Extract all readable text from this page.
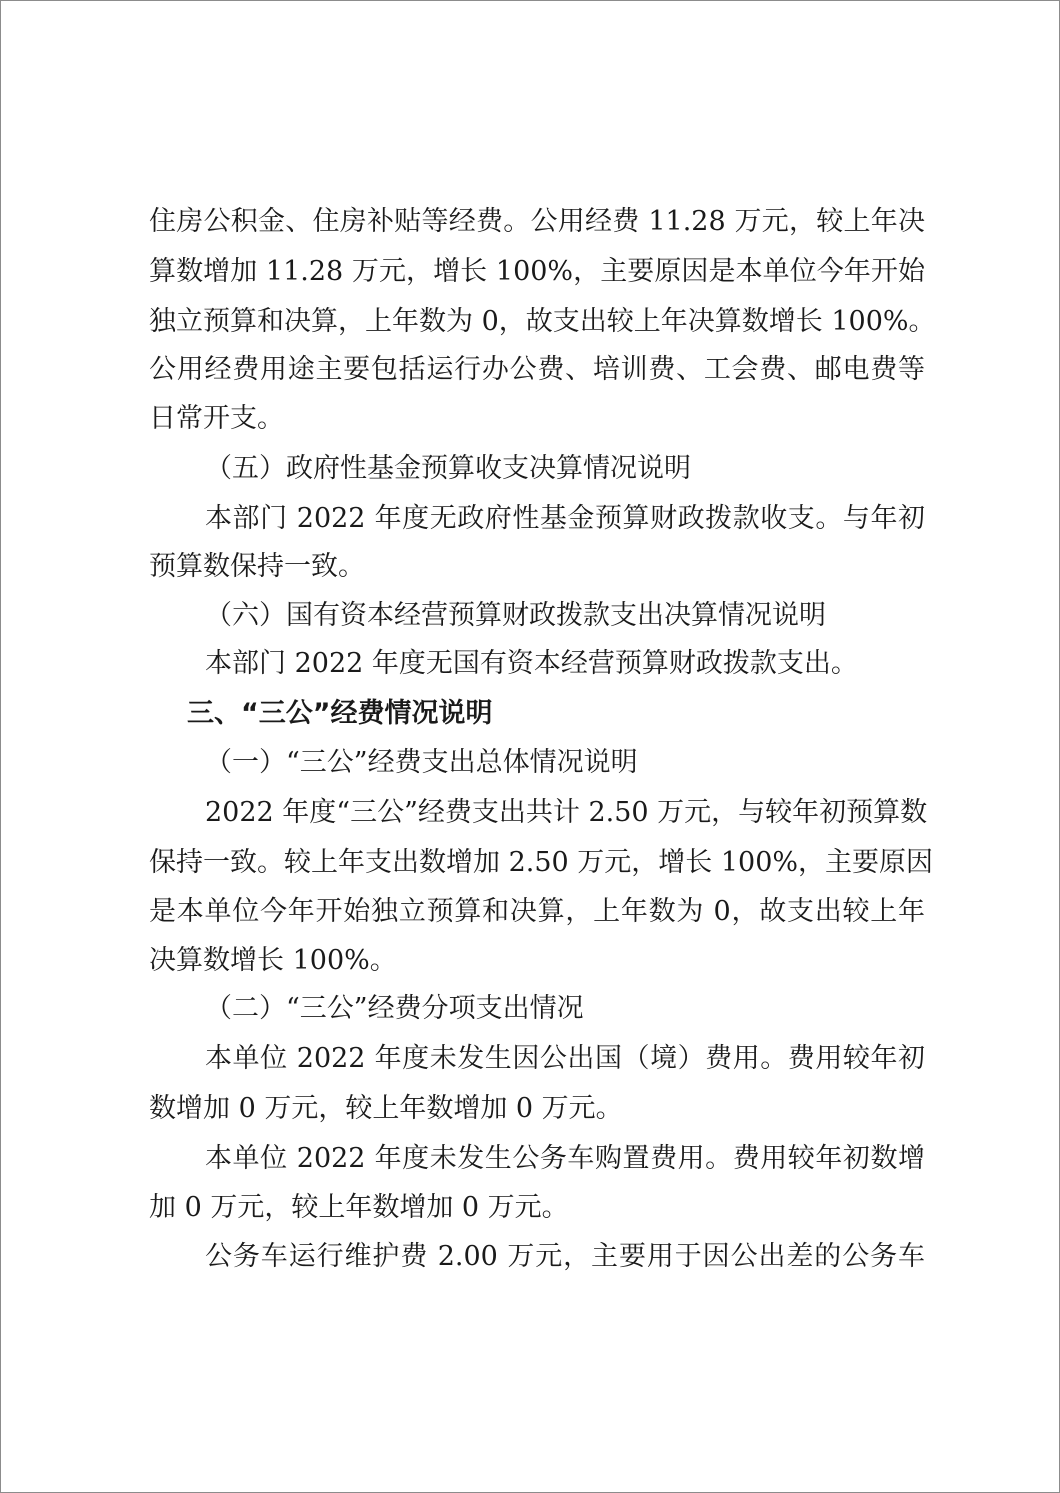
住房公积金、住房补贴等经费。公用经费 11.28 万元，较上年决

算数增加 11.28 万元，增长 100%，主要原因是本单位今年开始

独立预算和决算，上年数为 0，故支出较上年决算数增长 100%。

公用经费用途主要包括运行办公费、培训费、工会费、邮电费等

日常开支。

（五）政府性基金预算收支决算情况说明

本部门 2022 年度无政府性基金预算财政拨款收支。与年初

预算数保持一致。

（六）国有资本经营预算财政拨款支出决算情况说明

本部门 2022 年度无国有资本经营预算财政拨款支出。

三、“三公”经费情况说明

（一）“三公”经费支出总体情况说明

2022 年度“三公”经费支出共计 2.50 万元，与较年初预算数

保持一致。较上年支出数增加 2.50 万元，增长 100%，主要原因

是本单位今年开始独立预算和决算，上年数为 0，故支出较上年

决算数增长 100%。

（二）“三公”经费分项支出情况

本单位 2022 年度未发生因公出国（境）费用。费用较年初

数增加 0 万元，较上年数增加 0 万元。

本单位 2022 年度未发生公务车购置费用。费用较年初数增

加 0 万元，较上年数增加 0 万元。

公务车运行维护费 2.00 万元，主要用于因公出差的公务车
